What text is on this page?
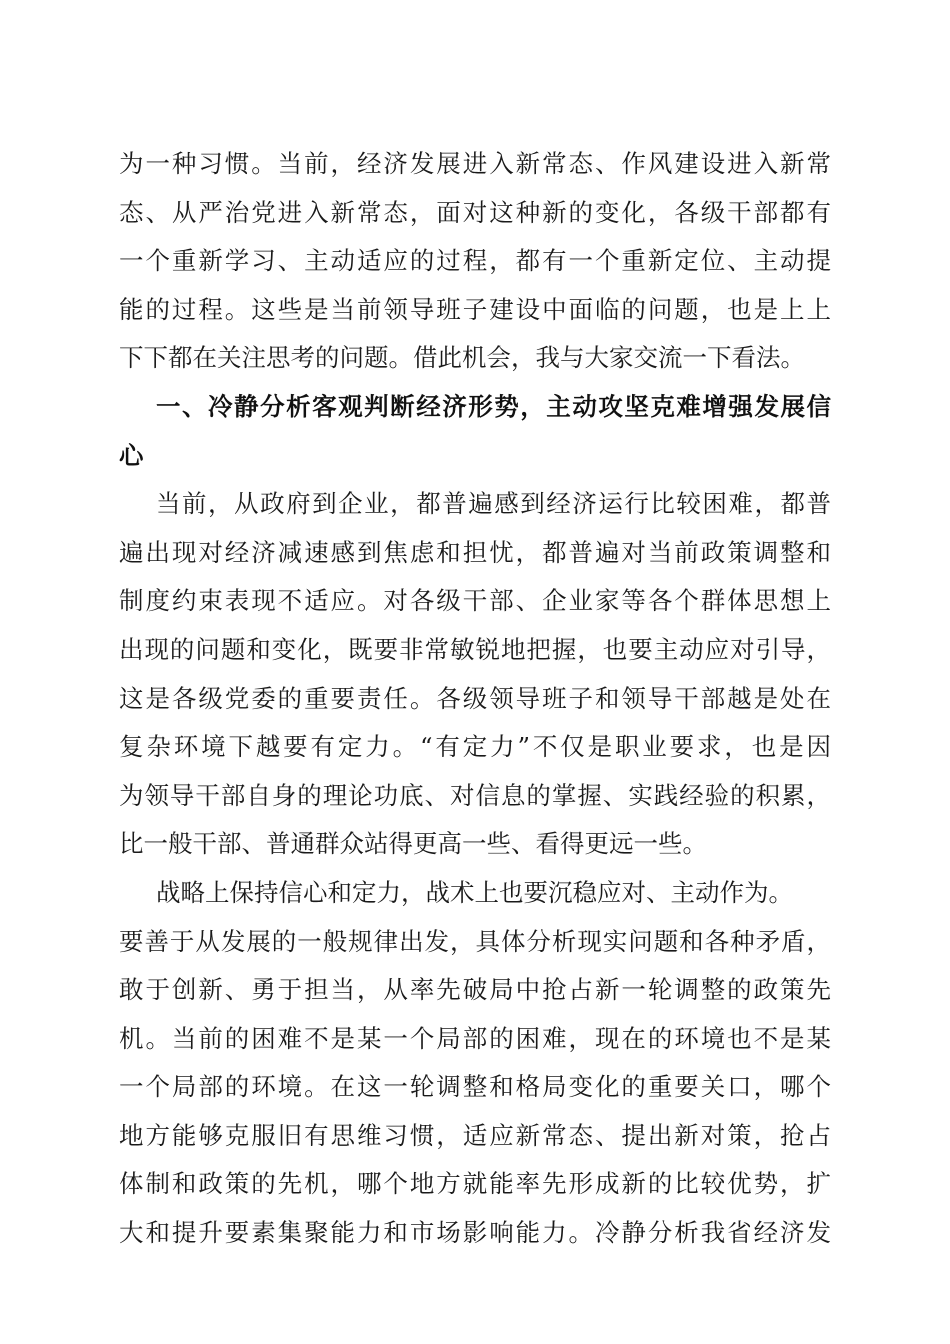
为一种习惯。当前，经济发展进入新常态、作风建设进入新常
态、从严治党进入新常态，面对这种新的变化，各级干部都有
一个重新学习、主动适应的过程，都有一个重新定位、主动提
能的过程。这些是当前领导班子建设中面临的问题，也是上上
下下都在关注思考的问题。借此机会，我与大家交流一下看法。
一、冷静分析客观判断经济形势，主动攻坚克难增强发展信
心
当前，从政府到企业，都普遍感到经济运行比较困难，都普
遍出现对经济减速感到焦虑和担忧，都普遍对当前政策调整和
制度约束表现不适应。对各级干部、企业家等各个群体思想上
出现的问题和变化，既要非常敏锐地把握，也要主动应对引导，
这是各级党委的重要责任。各级领导班子和领导干部越是处在
复杂环境下越要有定力。“有定力”不仅是职业要求，也是因
为领导干部自身的理论功底、对信息的掌握、实践经验的积累，
比一般干部、普通群众站得更高一些、看得更远一些。
战略上保持信心和定力，战术上也要沉稳应对、主动作为。
要善于从发展的一般规律出发，具体分析现实问题和各种矛盾，
敢于创新、勇于担当，从率先破局中抢占新一轮调整的政策先
机。当前的困难不是某一个局部的困难，现在的环境也不是某
一个局部的环境。在这一轮调整和格局变化的重要关口，哪个
地方能够克服旧有思维习惯，适应新常态、提出新对策，抢占
体制和政策的先机，哪个地方就能率先形成新的比较优势，扩
大和提升要素集聚能力和市场影响能力。冷静分析我省经济发
